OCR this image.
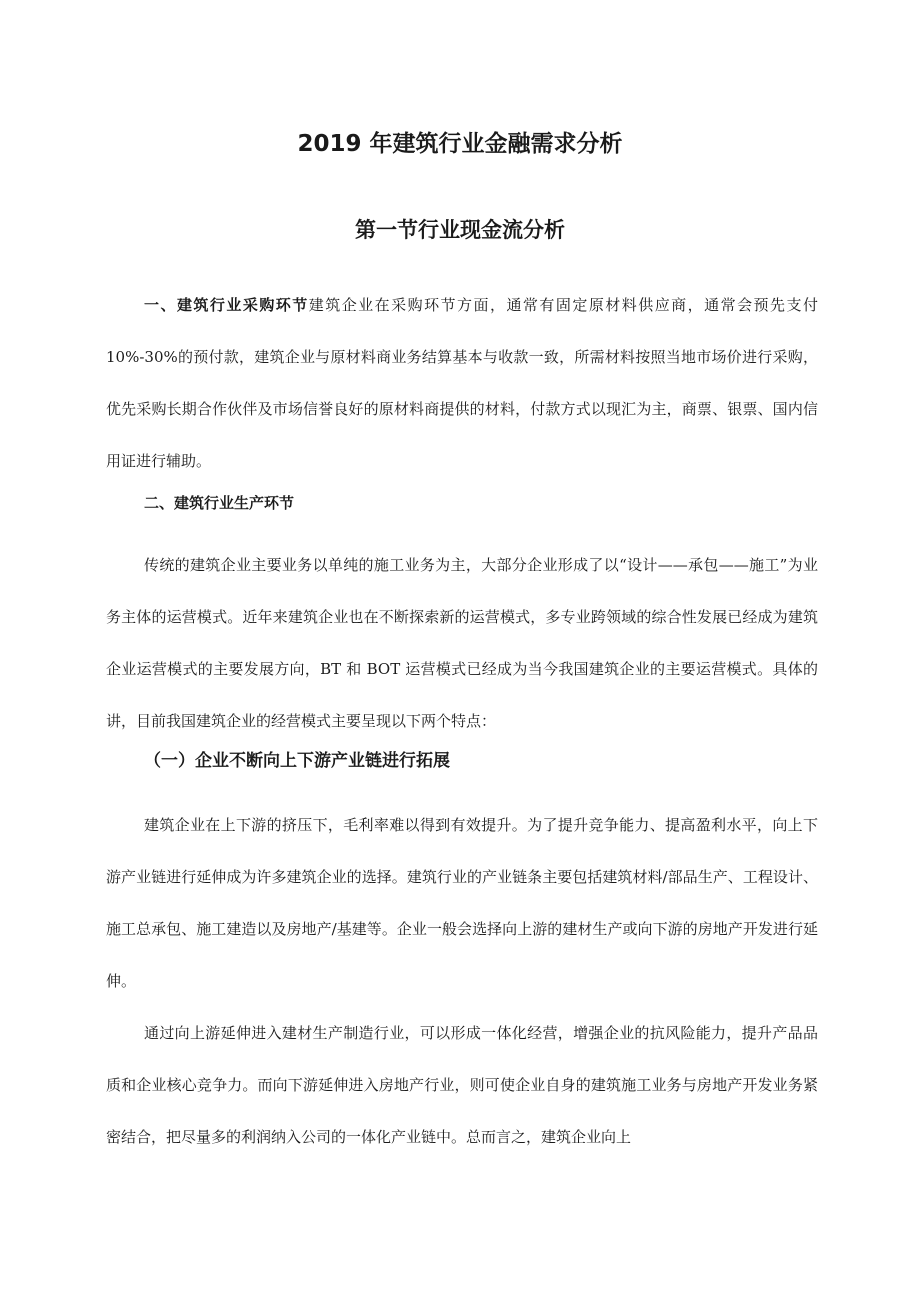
2019 年建筑行业金融需求分析
第一节行业现金流分析

一、建筑行业采购环节建筑企业在采购环节方面，通常有固定原材料供应商，通常会预先支付 10%-30%的预付款，建筑企业与原材料商业务结算基本与收款一致，所需材料按照当地市场价进行采购，优先采购长期合作伙伴及市场信誉良好的原材料商提供的材料，付款方式以现汇为主，商票、银票、国内信用证进行辅助。

二、建筑行业生产环节

传统的建筑企业主要业务以单纯的施工业务为主，大部分企业形成了以“设计——承包——施工”为业务主体的运营模式。近年来建筑企业也在不断探索新的运营模式，多专业跨领域的综合性发展已经成为建筑企业运营模式的主要发展方向，BT 和 BOT 运营模式已经成为当今我国建筑企业的主要运营模式。具体的讲，目前我国建筑企业的经营模式主要呈现以下两个特点：

（一）企业不断向上下游产业链进行拓展

建筑企业在上下游的挤压下，毛利率难以得到有效提升。为了提升竞争能力、提高盈利水平，向上下游产业链进行延伸成为许多建筑企业的选择。建筑行业的产业链条主要包括建筑材料/部品生产、工程设计、施工总承包、施工建造以及房地产/基建等。企业一般会选择向上游的建材生产或向下游的房地产开发进行延伸。

通过向上游延伸进入建材生产制造行业，可以形成一体化经营，增强企业的抗风险能力，提升产品品质和企业核心竞争力。而向下游延伸进入房地产行业，则可使企业自身的建筑施工业务与房地产开发业务紧密结合，把尽量多的利润纳入公司的一体化产业链中。总而言之，建筑企业向上
